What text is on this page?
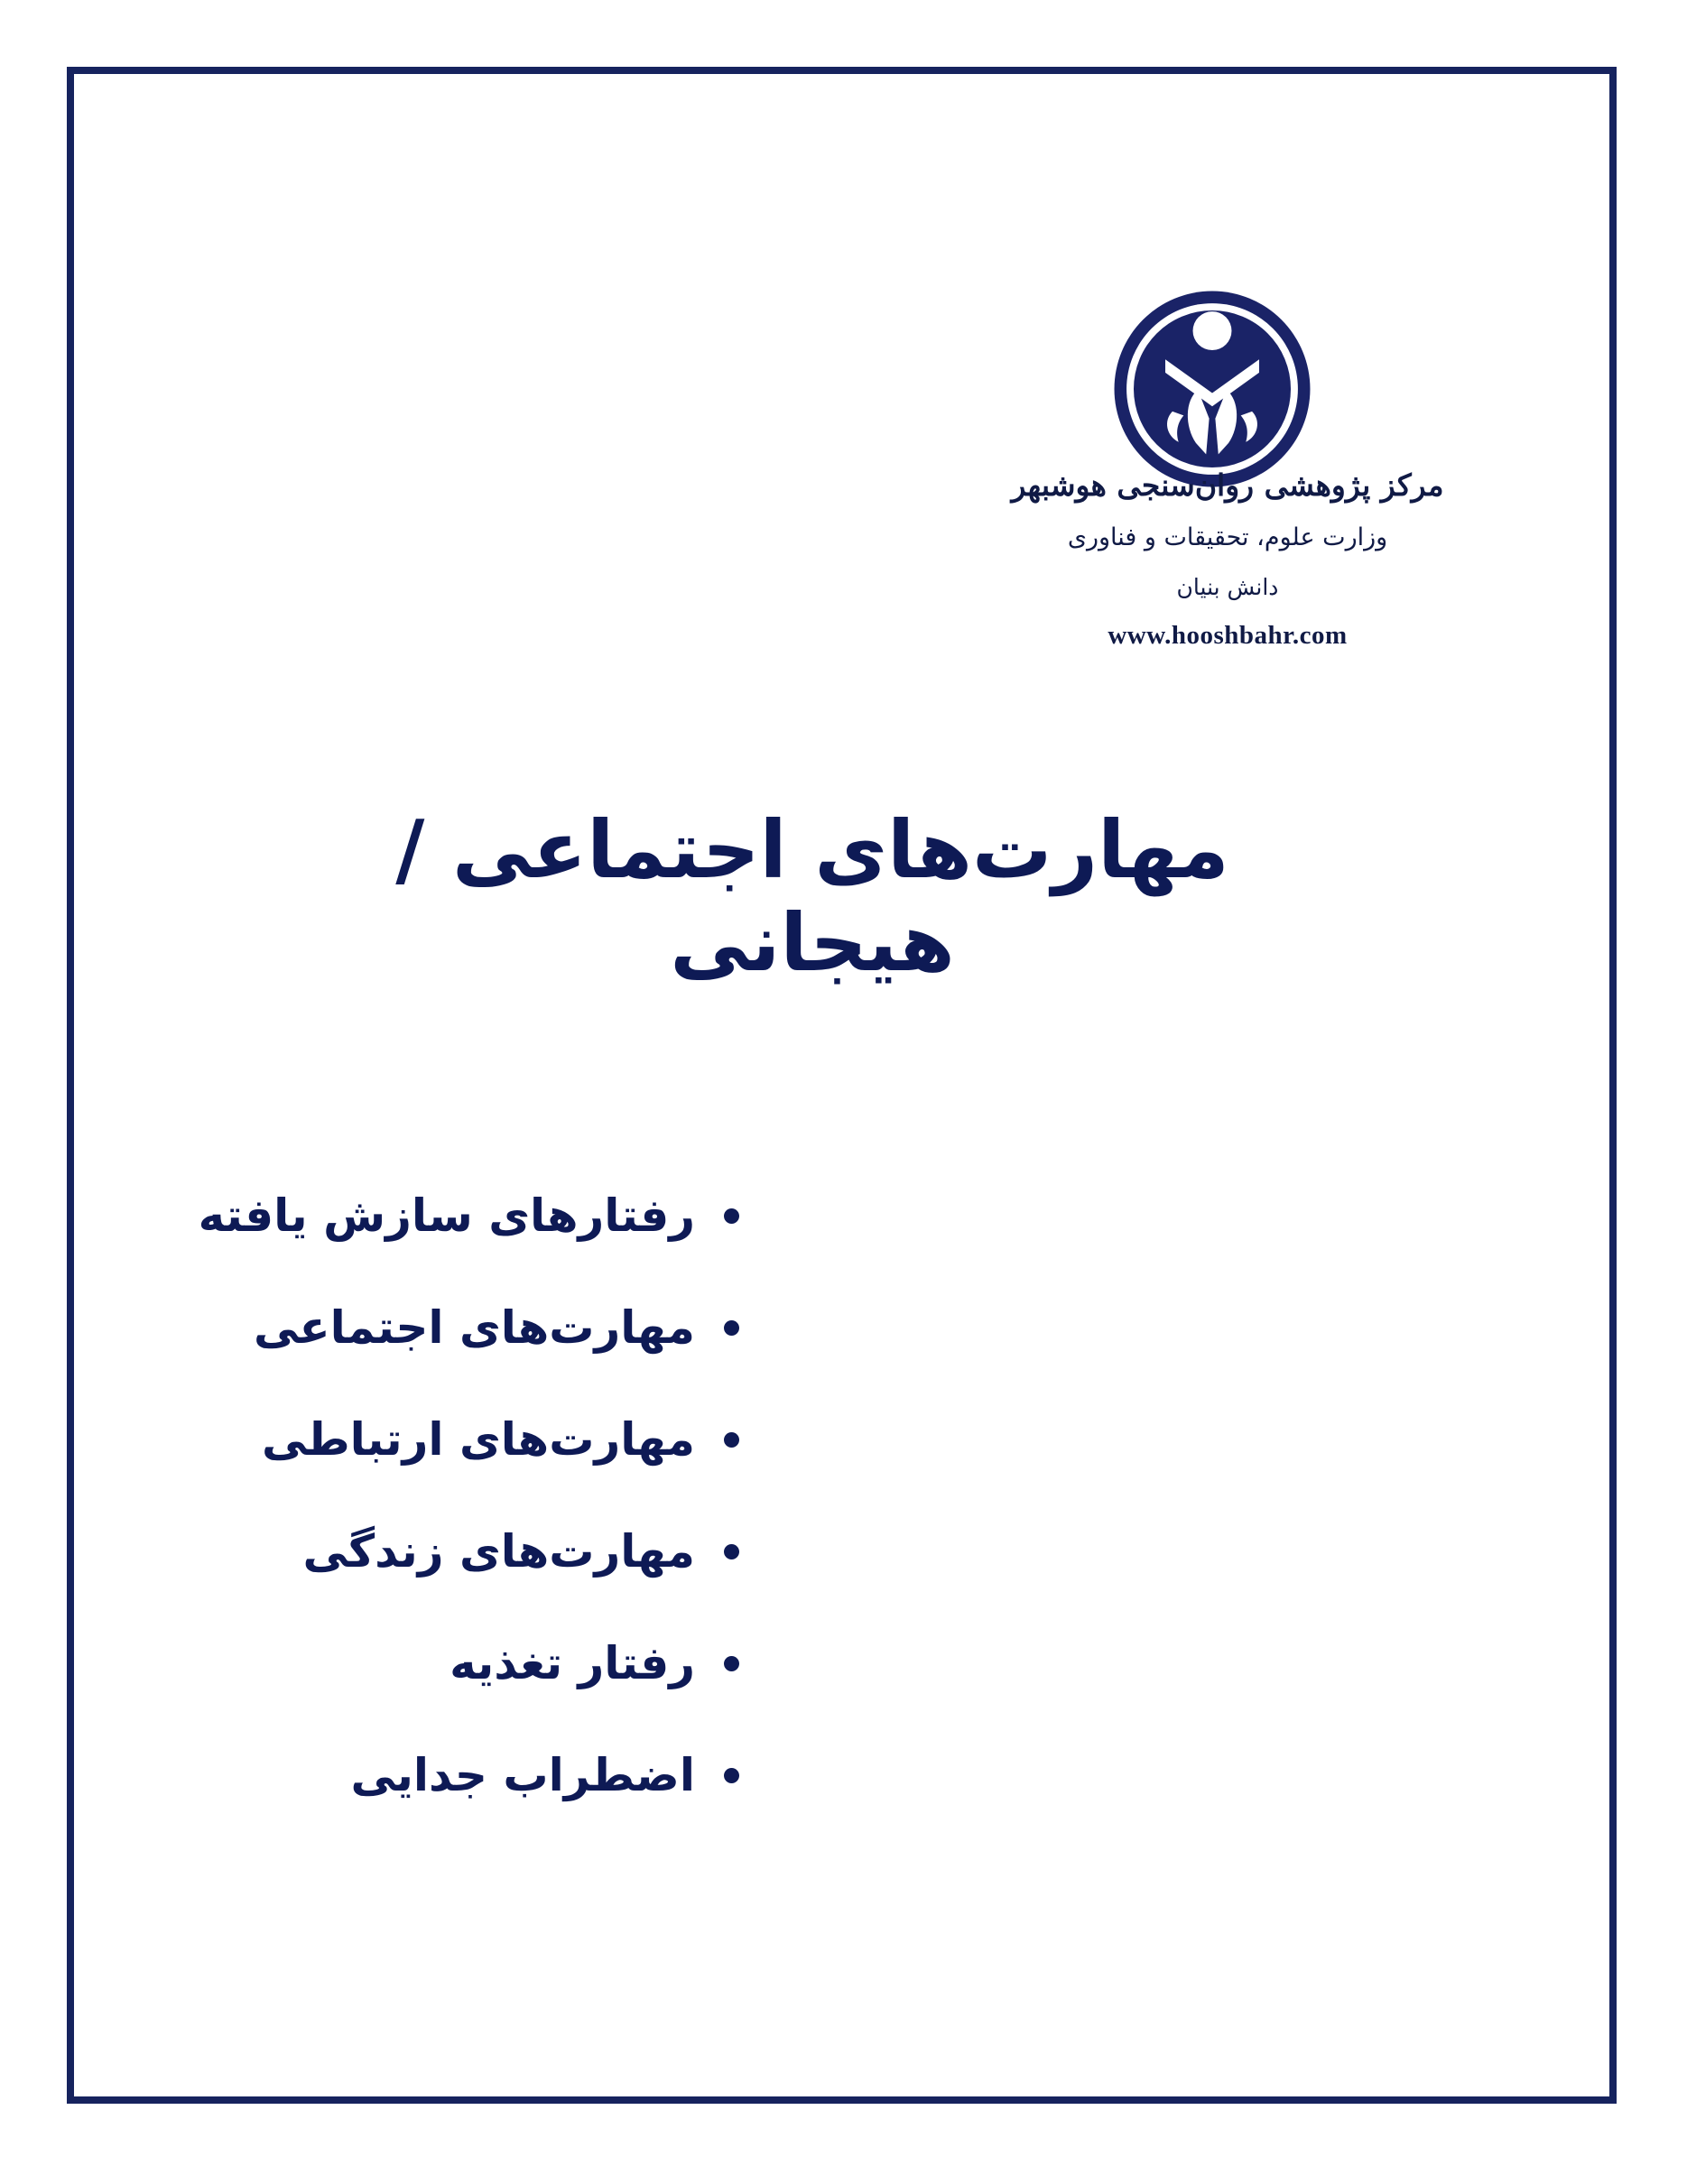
مرکز پژوهشی روان‌سنجی هوشبهر
وزارت علوم، تحقیقات و فناوری
دانش بنیان
www.hooshbahr.com
مهارت‌های اجتماعی / هیجانی
رفتارهای سازش یافته
مهارت‌های اجتماعی
مهارت‌های ارتباطی
مهارت‌های زندگی
رفتار تغذیه
اضطراب جدایی
